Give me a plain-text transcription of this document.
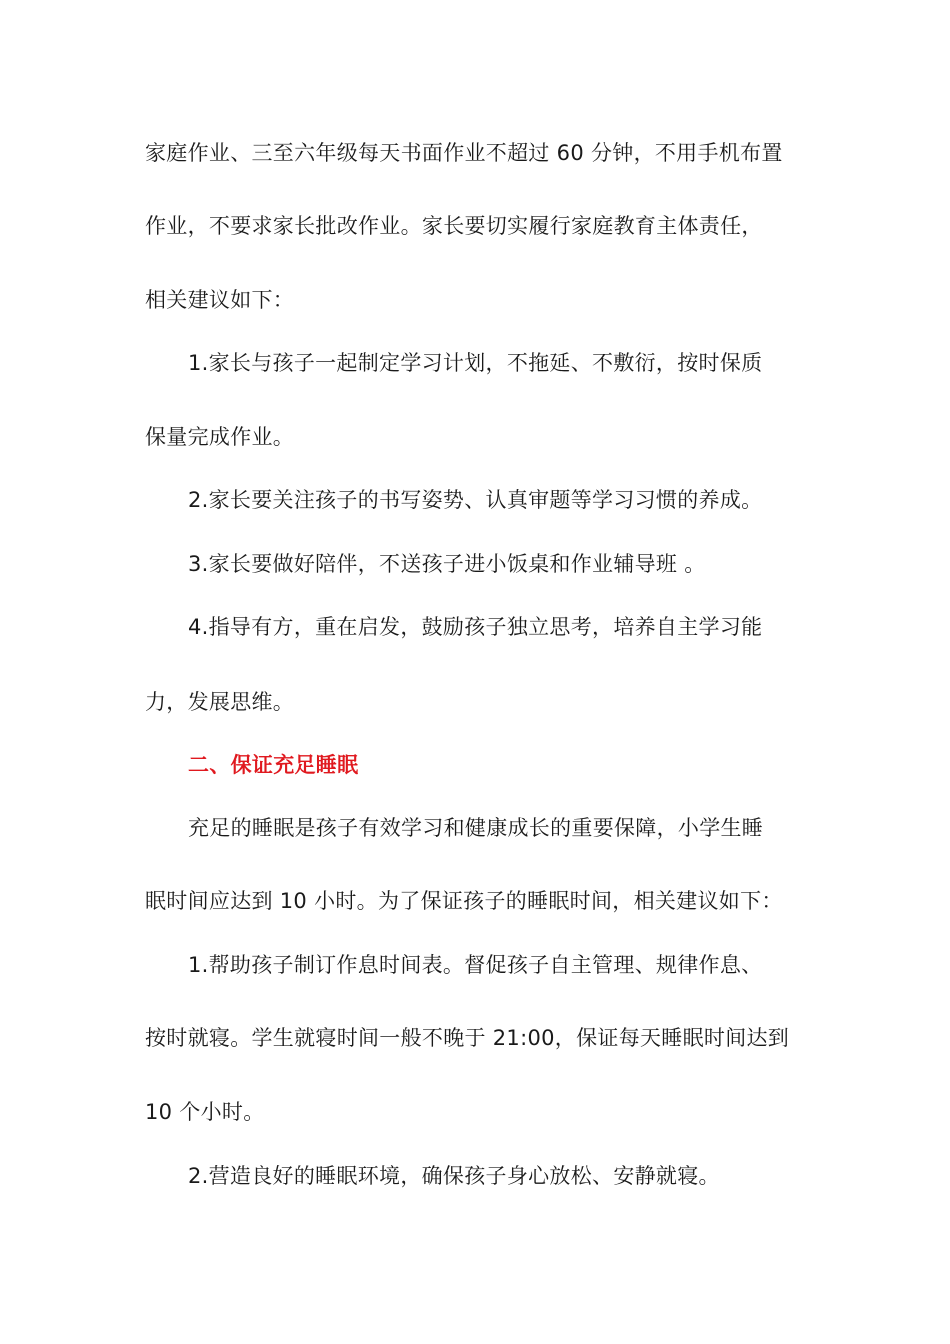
家庭作业、三至六年级每天书面作业不超过 60 分钟，不用手机布置
作业，不要求家长批改作业。家长要切实履行家庭教育主体责任，
相关建议如下：
1.家长与孩子一起制定学习计划，不拖延、不敷衍，按时保质
保量完成作业。
2.家长要关注孩子的书写姿势、认真审题等学习习惯的养成。
3.家长要做好陪伴，不送孩子进小饭桌和作业辅导班 。
4.指导有方，重在启发，鼓励孩子独立思考，培养自主学习能
力，发展思维。
二、保证充足睡眠
充足的睡眠是孩子有效学习和健康成长的重要保障，小学生睡
眠时间应达到 10 小时。为了保证孩子的睡眠时间，相关建议如下：
1.帮助孩子制订作息时间表。督促孩子自主管理、规律作息、
按时就寝。学生就寝时间一般不晚于 21:00，保证每天睡眠时间达到
10 个小时。
2.营造良好的睡眠环境，确保孩子身心放松、安静就寝。
